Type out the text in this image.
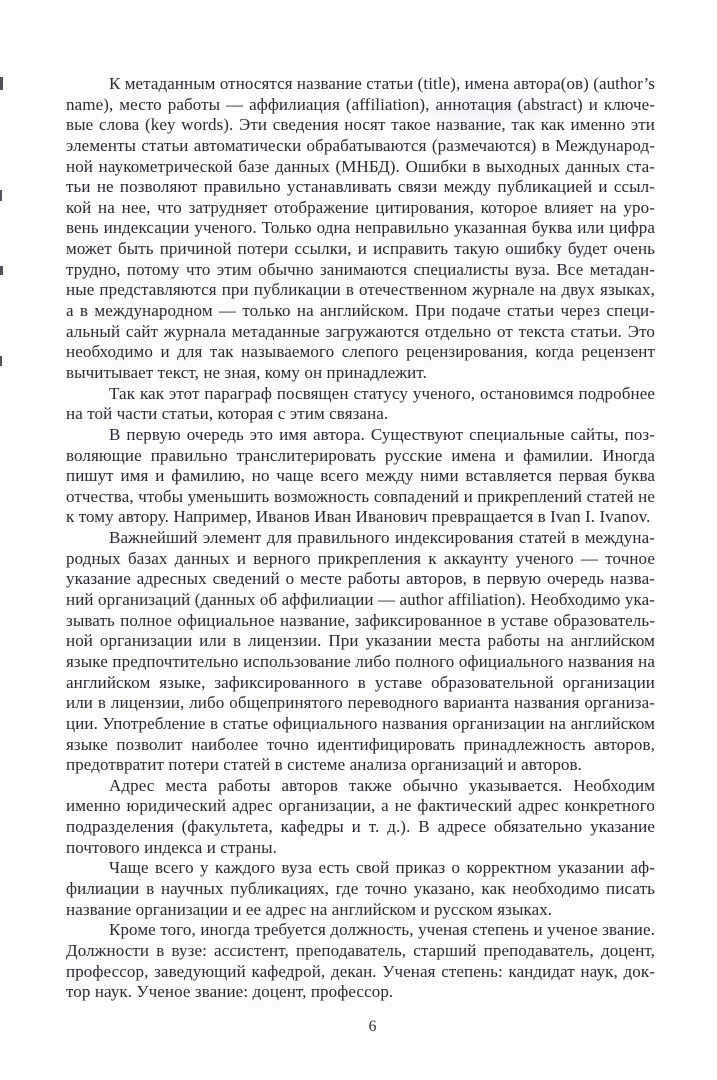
К метаданным относятся название статьи (title), имена автора(ов) (author’s
name), место работы — аффилиация (affiliation), аннотация (abstract) и ключе-
вые слова (key words). Эти сведения носят такое название, так как именно эти
элементы статьи автоматически обрабатываются (размечаются) в Международ-
ной наукометрической базе данных (МНБД). Ошибки в выходных данных ста-
тьи не позволяют правильно устанавливать связи между публикацией и ссыл-
кой на нее, что затрудняет отображение цитирования, которое влияет на уро-
вень индексации ученого. Только одна неправильно указанная буква или цифра
может быть причиной потери ссылки, и исправить такую ошибку будет очень
трудно, потому что этим обычно занимаются специалисты вуза. Все метадан-
ные представляются при публикации в отечественном журнале на двух языках,
а в международном — только на английском. При подаче статьи через специ-
альный сайт журнала метаданные загружаются отдельно от текста статьи. Это
необходимо и для так называемого слепого рецензирования, когда рецензент
вычитывает текст, не зная, кому он принадлежит.
Так как этот параграф посвящен статусу ученого, остановимся подробнее
на той части статьи, которая с этим связана.
В первую очередь это имя автора. Существуют специальные сайты, поз-
воляющие правильно транслитерировать русские имена и фамилии. Иногда
пишут имя и фамилию, но чаще всего между ними вставляется первая буква
отчества, чтобы уменьшить возможность совпадений и прикреплений статей не
к тому автору. Например, Иванов Иван Иванович превращается в Ivan I. Ivanov.
Важнейший элемент для правильного индексирования статей в междуна-
родных базах данных и верного прикрепления к аккаунту ученого — точное
указание адресных сведений о месте работы авторов, в первую очередь назва-
ний организаций (данных об аффилиации — author affiliation). Необходимо ука-
зывать полное официальное название, зафиксированное в уставе образователь-
ной организации или в лицензии. При указании места работы на английском
языке предпочтительно использование либо полного официального названия на
английском языке, зафиксированного в уставе образовательной организации
или в лицензии, либо общепринятого переводного варианта названия организа-
ции. Употребление в статье официального названия организации на английском
языке позволит наиболее точно идентифицировать принадлежность авторов,
предотвратит потери статей в системе анализа организаций и авторов.
Адрес места работы авторов также обычно указывается. Необходим
именно юридический адрес организации, а не фактический адрес конкретного
подразделения (факультета, кафедры и т. д.). В адресе обязательно указание
почтового индекса и страны.
Чаще всего у каждого вуза есть свой приказ о корректном указании аф-
филиации в научных публикациях, где точно указано, как необходимо писать
название организации и ее адрес на английском и русском языках.
Кроме того, иногда требуется должность, ученая степень и ученое звание.
Должности в вузе: ассистент, преподаватель, старший преподаватель, доцент,
профессор, заведующий кафедрой, декан. Ученая степень: кандидат наук, док-
тор наук. Ученое звание: доцент, профессор.
6
